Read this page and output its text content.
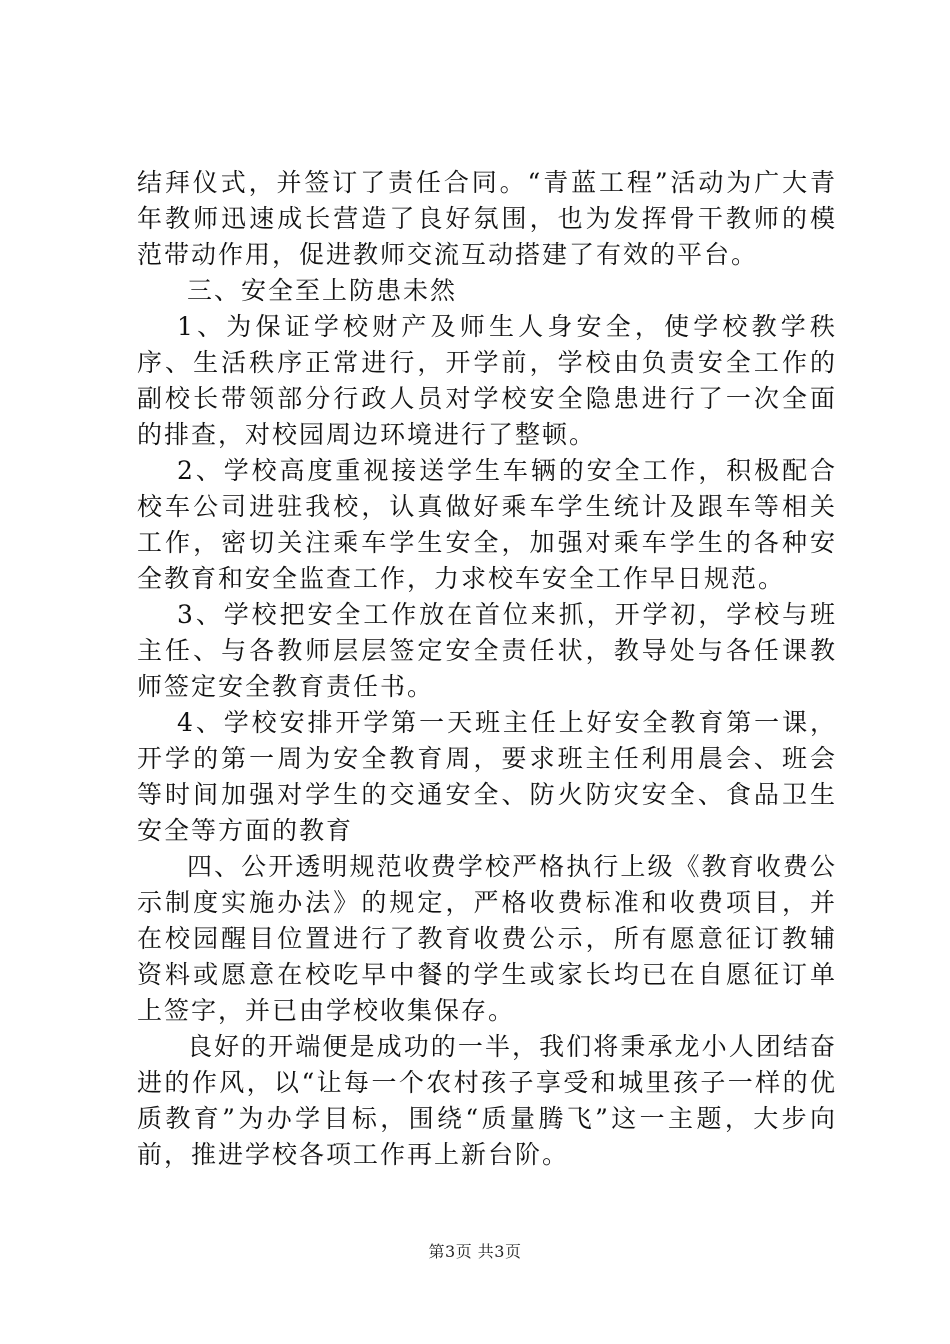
结拜仪式，并签订了责任合同。“青蓝工程”活动为广大青年教师迅速成长营造了良好氛围，也为发挥骨干教师的模范带动作用，促进教师交流互动搭建了有效的平台。

三、安全至上防患未然

1、为保证学校财产及师生人身安全，使学校教学秩序、生活秩序正常进行，开学前，学校由负责安全工作的副校长带领部分行政人员对学校安全隐患进行了一次全面的排查，对校园周边环境进行了整顿。

2、学校高度重视接送学生车辆的安全工作，积极配合校车公司进驻我校，认真做好乘车学生统计及跟车等相关工作，密切关注乘车学生安全，加强对乘车学生的各种安全教育和安全监查工作，力求校车安全工作早日规范。

3、学校把安全工作放在首位来抓，开学初，学校与班主任、与各教师层层签定安全责任状，教导处与各任课教师签定安全教育责任书。

4、学校安排开学第一天班主任上好安全教育第一课，开学的第一周为安全教育周，要求班主任利用晨会、班会等时间加强对学生的交通安全、防火防灾安全、食品卫生安全等方面的教育

四、公开透明规范收费学校严格执行上级《教育收费公示制度实施办法》的规定，严格收费标准和收费项目，并在校园醒目位置进行了教育收费公示，所有愿意征订教辅资料或愿意在校吃早中餐的学生或家长均已在自愿征订单上签字，并已由学校收集保存。

良好的开端便是成功的一半，我们将秉承龙小人团结奋进的作风，以“让每一个农村孩子享受和城里孩子一样的优质教育”为办学目标，围绕“质量腾飞”这一主题，大步向前，推进学校各项工作再上新台阶。

第3页 共3页
